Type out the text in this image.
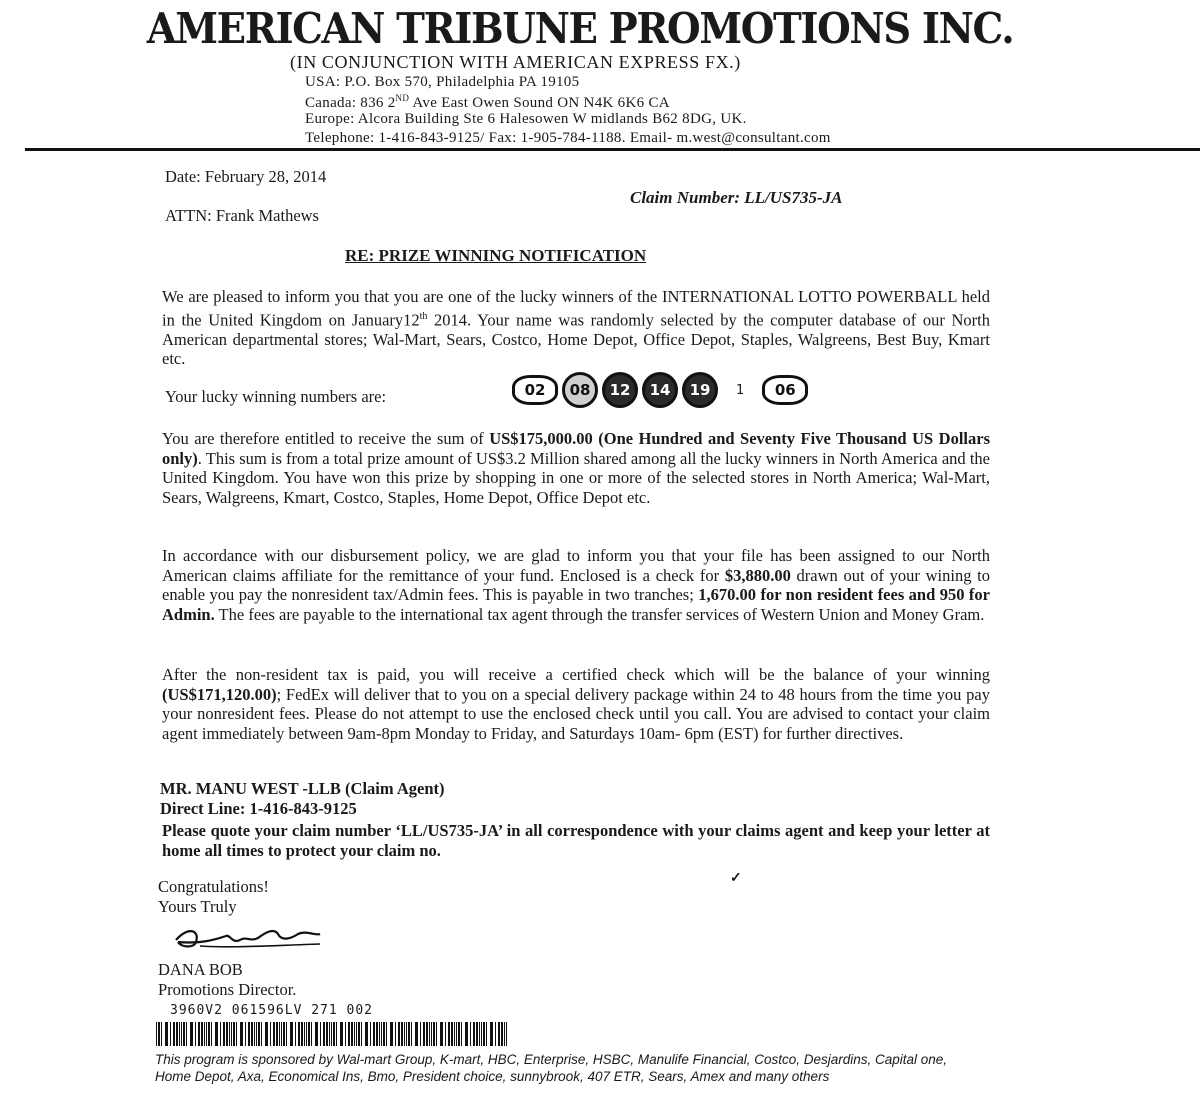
AMERICAN TRIBUNE PROMOTIONS INC.
(IN CONJUNCTION WITH AMERICAN EXPRESS FX.)
USA: P.O. Box 570, Philadelphia PA 19105
Canada: 836 2ND Ave East Owen Sound ON N4K 6K6 CA
Europe: Alcora Building Ste 6 Halesowen W midlands B62 8DG, UK.
Telephone: 1-416-843-9125/ Fax: 1-905-784-1188. Email- m.west@consultant.com
Date: February 28, 2014
Claim Number: LL/US735-JA
ATTN: Frank Mathews
RE: PRIZE WINNING NOTIFICATION
We are pleased to inform you that you are one of the lucky winners of the INTERNATIONAL LOTTO POWERBALL held in the United Kingdom on January12th 2014. Your name was randomly selected by the computer database of our North American departmental stores; Wal-Mart, Sears, Costco, Home Depot, Office Depot, Staples, Walgreens, Best Buy, Kmart etc.
Your lucky winning numbers are:	02	08	12	14	19	1	06
You are therefore entitled to receive the sum of US$175,000.00 (One Hundred and Seventy Five Thousand US Dollars only). This sum is from a total prize amount of US$3.2 Million shared among all the lucky winners in North America and the United Kingdom. You have won this prize by shopping in one or more of the selected stores in North America; Wal-Mart, Sears, Walgreens, Kmart, Costco, Staples, Home Depot, Office Depot etc.
In accordance with our disbursement policy, we are glad to inform you that your file has been assigned to our North American claims affiliate for the remittance of your fund. Enclosed is a check for $3,880.00 drawn out of your wining to enable you pay the nonresident tax/Admin fees. This is payable in two tranches; 1,670.00 for non resident fees and 950 for Admin. The fees are payable to the international tax agent through the transfer services of Western Union and Money Gram.
After the non-resident tax is paid, you will receive a certified check which will be the balance of your winning (US$171,120.00); FedEx will deliver that to you on a special delivery package within 24 to 48 hours from the time you pay your nonresident fees. Please do not attempt to use the enclosed check until you call. You are advised to contact your claim agent immediately between 9am-8pm Monday to Friday, and Saturdays 10am- 6pm (EST) for further directives.
MR. MANU WEST -LLB (Claim Agent)
Direct Line: 1-416-843-9125
Please quote your claim number ‘LL/US735-JA’ in all correspondence with your claims agent and keep your letter at home all times to protect your claim no.
✓
Congratulations!
Yours Truly
DANA BOB
Promotions Director.
3960V2 061596LV 271 002
This program is sponsored by Wal-mart Group, K-mart, HBC, Enterprise, HSBC, Manulife Financial, Costco, Desjardins, Capital one, Home Depot, Axa, Economical Ins, Bmo, President choice, sunnybrook, 407 ETR, Sears, Amex and many others
